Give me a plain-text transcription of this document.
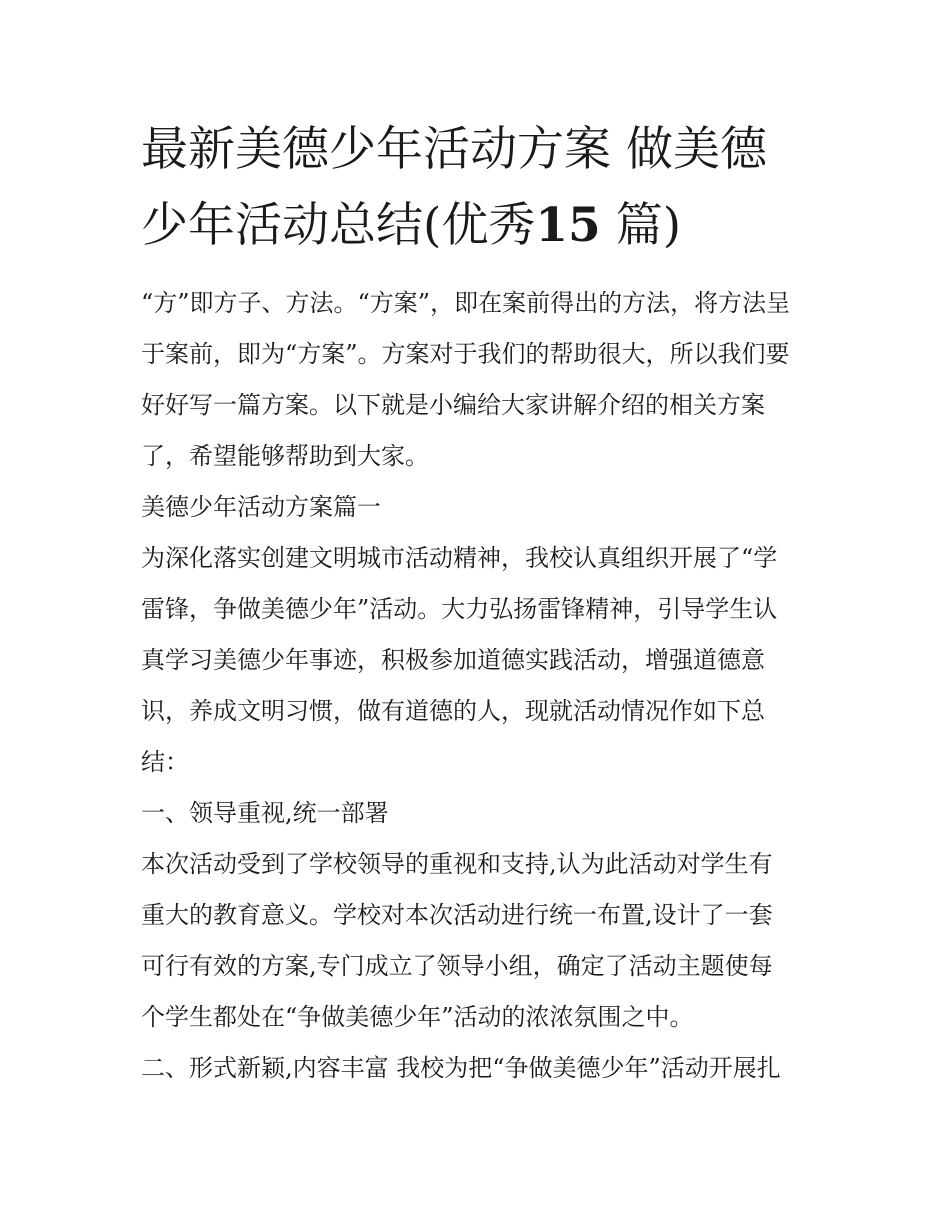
最新美德少年活动方案 做美德
少年活动总结(优秀15 篇)
“方”即方子、方法。“方案”，即在案前得出的方法，将方法呈
于案前，即为“方案”。方案对于我们的帮助很大，所以我们要
好好写一篇方案。以下就是小编给大家讲解介绍的相关方案
了，希望能够帮助到大家。
美德少年活动方案篇一
为深化落实创建文明城市活动精神，我校认真组织开展了“学
雷锋，争做美德少年”活动。大力弘扬雷锋精神，引导学生认
真学习美德少年事迹，积极参加道德实践活动，增强道德意
识，养成文明习惯，做有道德的人，现就活动情况作如下总
结：
一、领导重视,统一部署
本次活动受到了学校领导的重视和支持,认为此活动对学生有
重大的教育意义。学校对本次活动进行统一布置,设计了一套
可行有效的方案,专门成立了领导小组，确定了活动主题使每
个学生都处在“争做美德少年”活动的浓浓氛围之中。
二、形式新颖,内容丰富 我校为把“争做美德少年”活动开展扎
